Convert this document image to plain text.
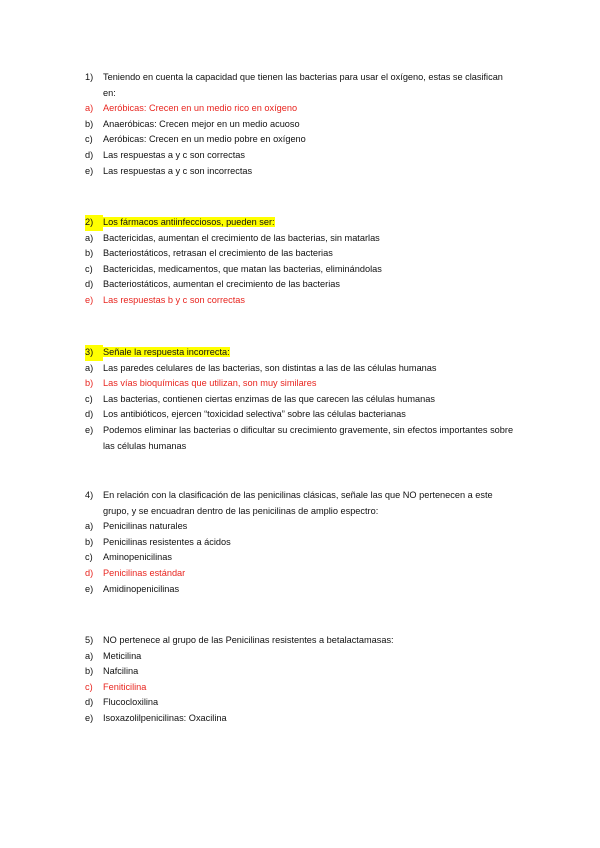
1)	Teniendo en cuenta la capacidad que tienen las bacterias para usar el oxígeno, estas se clasifican en:
a)	Aeróbicas: Crecen en un medio rico en oxígeno
b)	Anaeróbicas: Crecen mejor en un medio acuoso
c)	Aeróbicas: Crecen en un medio pobre en oxígeno
d)	Las respuestas a y c son correctas
e)	Las respuestas a y c son incorrectas
2)	Los fármacos antiinfecciosos, pueden ser:
a)	Bactericidas, aumentan el crecimiento de las bacterias, sin matarlas
b)	Bacteriostáticos, retrasan el crecimiento de las bacterias
c)	Bactericidas, medicamentos, que matan las bacterias, eliminándolas
d)	Bacteriostáticos, aumentan el crecimiento de las bacterias
e)	Las respuestas b y c son correctas
3)	Señale la respuesta incorrecta:
a)	Las paredes celulares de las bacterias, son distintas a las de las células humanas
b)	Las vías bioquímicas que utilizan, son muy similares
c)	Las bacterias, contienen ciertas enzimas de las que carecen las células humanas
d)	Los antibióticos, ejercen “toxicidad selectiva” sobre las células bacterianas
e)	Podemos eliminar las bacterias o dificultar su crecimiento gravemente, sin efectos importantes sobre las células humanas
4)	En relación con la clasificación de las penicilinas clásicas, señale las que NO pertenecen a este grupo, y se encuadran dentro de las penicilinas de amplio espectro:
a)	Penicilinas naturales
b)	Penicilinas resistentes a ácidos
c)	Aminopenicilinas
d)	Penicilinas estándar
e)	Amidinopenicilinas
5)	NO pertenece al grupo de las Penicilinas resistentes a betalactamasas:
a)	Meticilina
b)	Nafcilina
c)	Feniticilina
d)	Flucocloxilina
e)	Isoxazolilpenicilinas: Oxacilina
